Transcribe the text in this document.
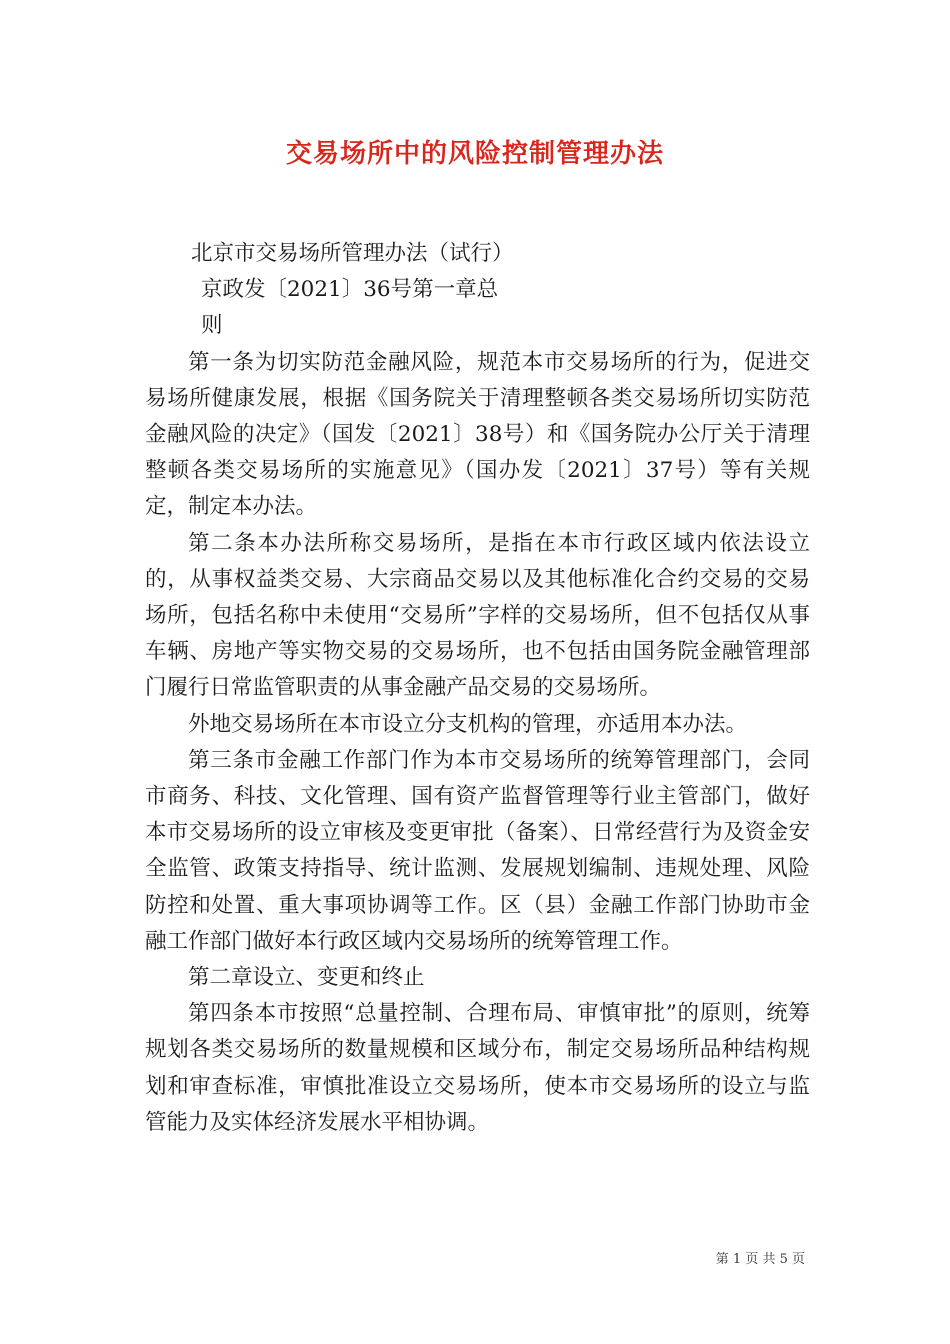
交易场所中的风险控制管理办法

北京市交易场所管理办法（试行）

京政发〔2021〕36号第一章总

则

第一条为切实防范金融风险，规范本市交易场所的行为，促进交易场所健康发展，根据《国务院关于清理整顿各类交易场所切实防范金融风险的决定》（国发〔2021〕38号）和《国务院办公厅关于清理整顿各类交易场所的实施意见》（国办发〔2021〕37号）等有关规定，制定本办法。

第二条本办法所称交易场所，是指在本市行政区域内依法设立的，从事权益类交易、大宗商品交易以及其他标准化合约交易的交易场所，包括名称中未使用“交易所”字样的交易场所，但不包括仅从事车辆、房地产等实物交易的交易场所，也不包括由国务院金融管理部门履行日常监管职责的从事金融产品交易的交易场所。

外地交易场所在本市设立分支机构的管理，亦适用本办法。

第三条市金融工作部门作为本市交易场所的统筹管理部门，会同市商务、科技、文化管理、国有资产监督管理等行业主管部门，做好本市交易场所的设立审核及变更审批（备案）、日常经营行为及资金安全监管、政策支持指导、统计监测、发展规划编制、违规处理、风险防控和处置、重大事项协调等工作。区（县）金融工作部门协助市金融工作部门做好本行政区域内交易场所的统筹管理工作。

第二章设立、变更和终止

第四条本市按照“总量控制、合理布局、审慎审批”的原则，统筹规划各类交易场所的数量规模和区域分布，制定交易场所品种结构规划和审查标准，审慎批准设立交易场所，使本市交易场所的设立与监管能力及实体经济发展水平相协调。

第 1 页 共 5 页
